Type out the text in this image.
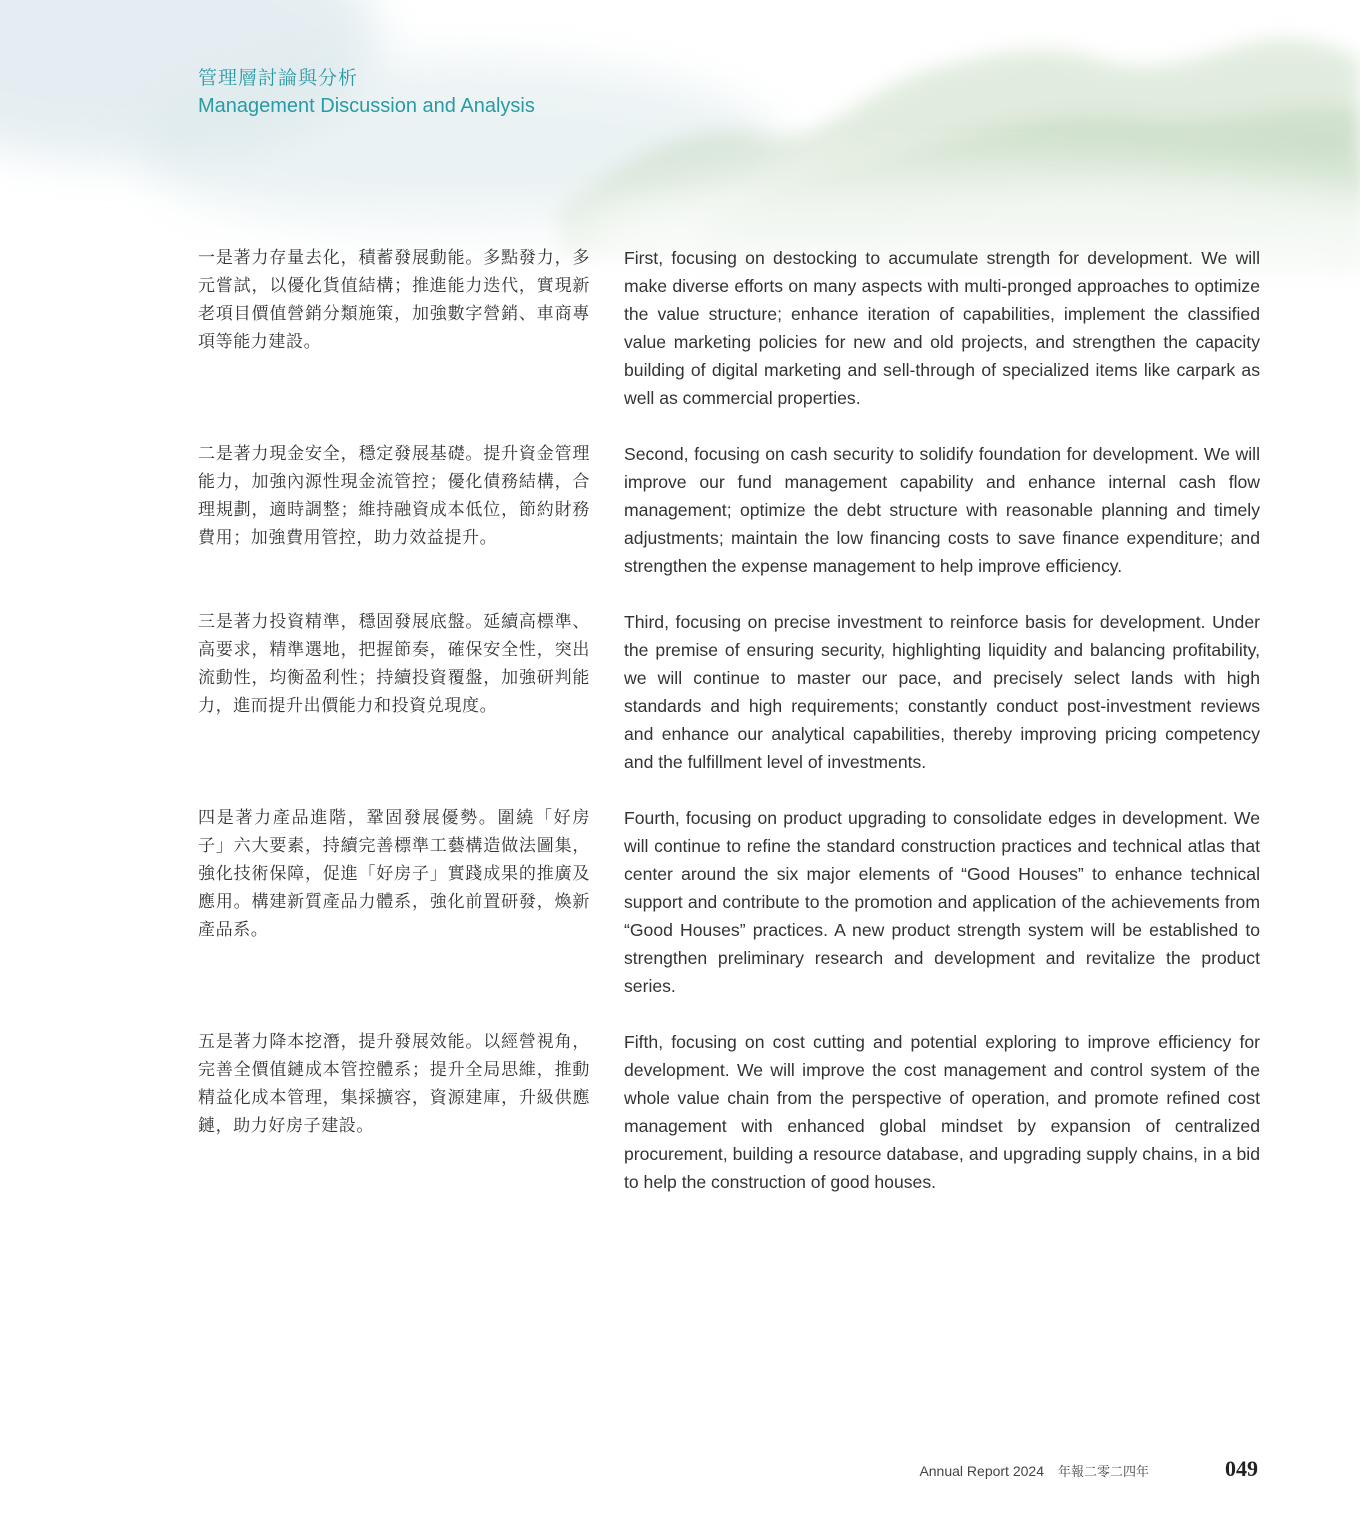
管理層討論與分析
Management Discussion and Analysis
一是著力存量去化，積蓄發展動能。多點發力，多元嘗試，以優化貨值結構；推進能力迭代，實現新老項目價值營銷分類施策，加強數字營銷、車商專項等能力建設。
First, focusing on destocking to accumulate strength for development. We will make diverse efforts on many aspects with multi-pronged approaches to optimize the value structure; enhance iteration of capabilities, implement the classified value marketing policies for new and old projects, and strengthen the capacity building of digital marketing and sell-through of specialized items like carpark as well as commercial properties.
二是著力現金安全，穩定發展基礎。提升資金管理能力，加強內源性現金流管控；優化債務結構，合理規劃，適時調整；維持融資成本低位，節約財務費用；加強費用管控，助力效益提升。
Second, focusing on cash security to solidify foundation for development. We will improve our fund management capability and enhance internal cash flow management; optimize the debt structure with reasonable planning and timely adjustments; maintain the low financing costs to save finance expenditure; and strengthen the expense management to help improve efficiency.
三是著力投資精準，穩固發展底盤。延續高標準、高要求，精準選地，把握節奏，確保安全性，突出流動性，均衡盈利性；持續投資覆盤，加強研判能力，進而提升出價能力和投資兑現度。
Third, focusing on precise investment to reinforce basis for development. Under the premise of ensuring security, highlighting liquidity and balancing profitability, we will continue to master our pace, and precisely select lands with high standards and high requirements; constantly conduct post-investment reviews and enhance our analytical capabilities, thereby improving pricing competency and the fulfillment level of investments.
四是著力產品進階，鞏固發展優勢。圍繞「好房子」六大要素，持續完善標準工藝構造做法圖集，強化技術保障，促進「好房子」實踐成果的推廣及應用。構建新質產品力體系，強化前置研發，煥新產品系。
Fourth, focusing on product upgrading to consolidate edges in development. We will continue to refine the standard construction practices and technical atlas that center around the six major elements of “Good Houses” to enhance technical support and contribute to the promotion and application of the achievements from “Good Houses” practices. A new product strength system will be established to strengthen preliminary research and development and revitalize the product series.
五是著力降本挖潛，提升發展效能。以經營視角，完善全價值鏈成本管控體系；提升全局思維，推動精益化成本管理，集採擴容，資源建庫，升級供應鏈，助力好房子建設。
Fifth, focusing on cost cutting and potential exploring to improve efficiency for development. We will improve the cost management and control system of the whole value chain from the perspective of operation, and promote refined cost management with enhanced global mindset by expansion of centralized procurement, building a resource database, and upgrading supply chains, in a bid to help the construction of good houses.
Annual Report 2024 年報二零二四年	049
